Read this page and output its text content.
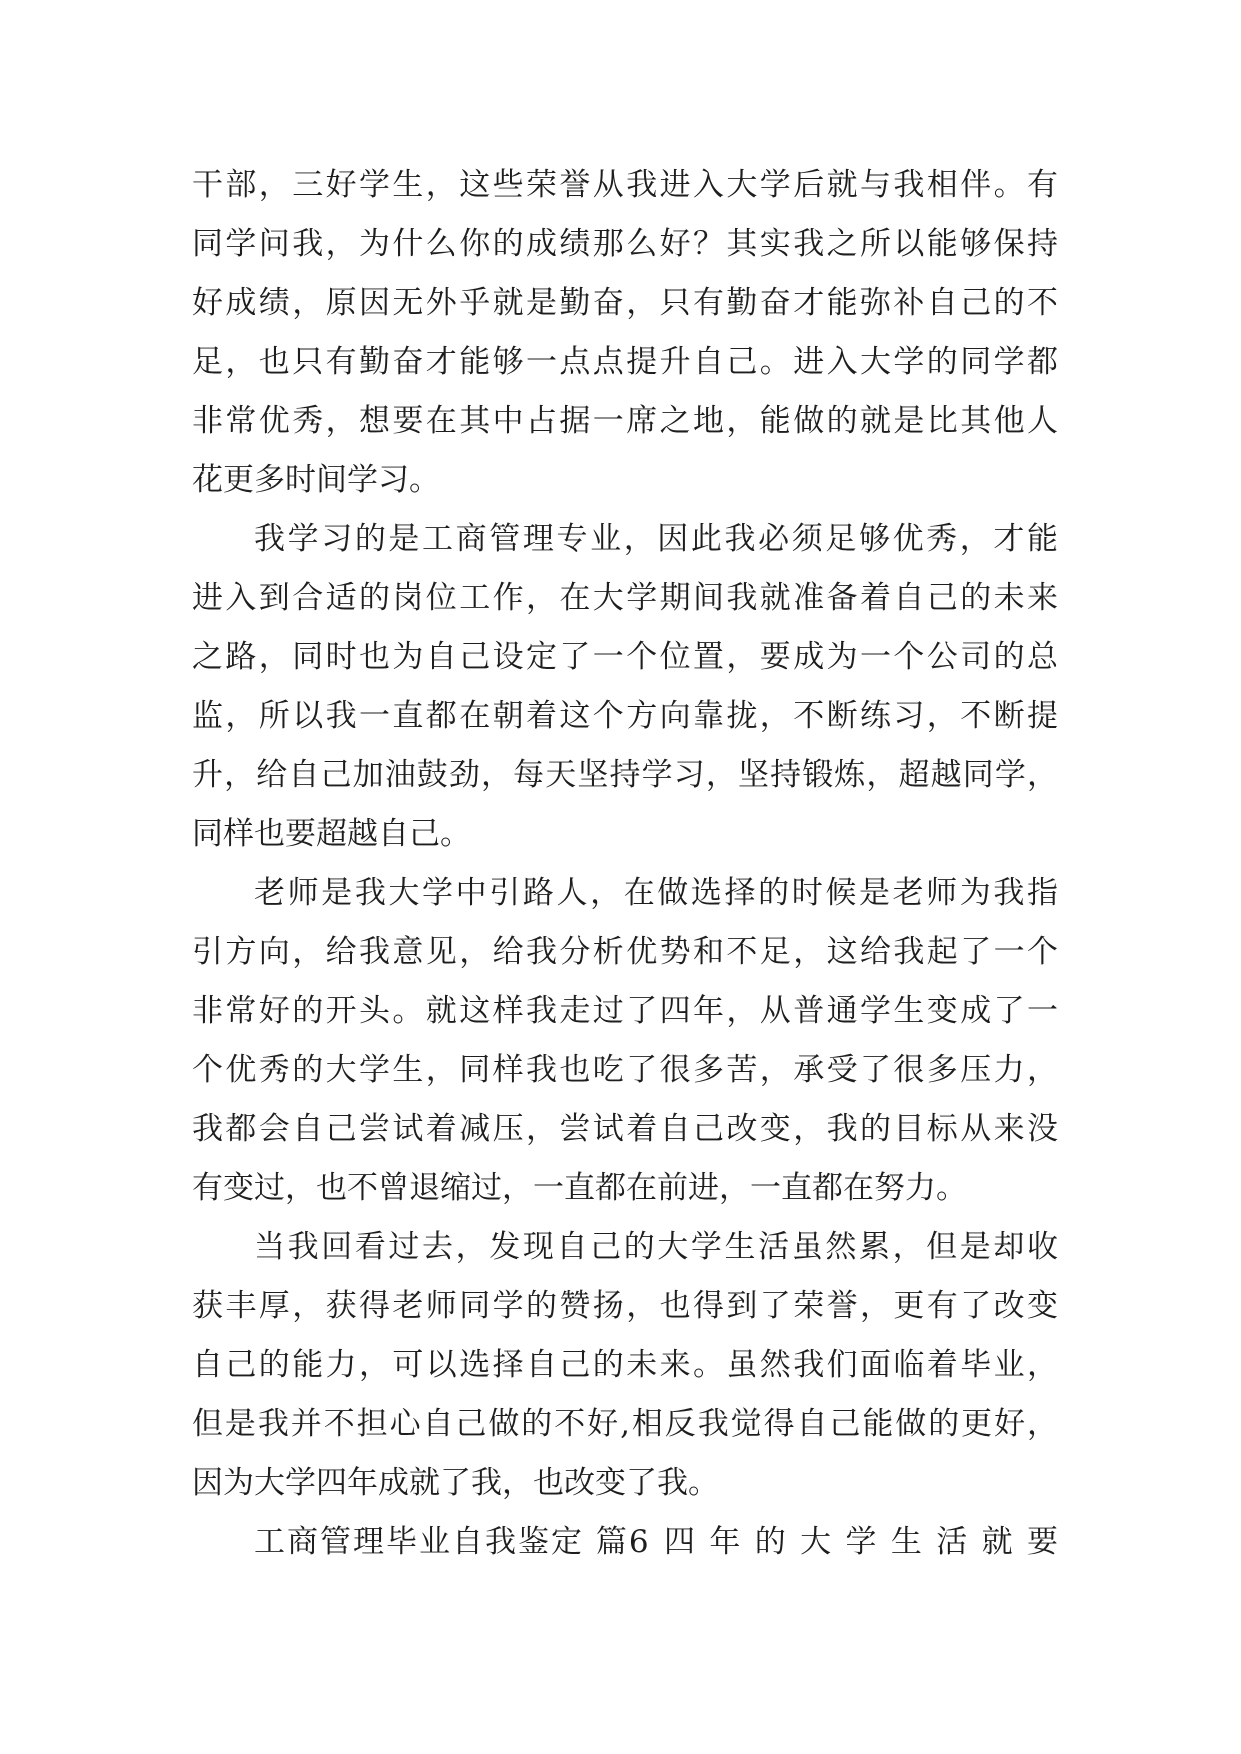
干部，三好学生，这些荣誉从我进入大学后就与我相伴。有
同学问我，为什么你的成绩那么好？其实我之所以能够保持
好成绩，原因无外乎就是勤奋，只有勤奋才能弥补自己的不
足，也只有勤奋才能够一点点提升自己。进入大学的同学都
非常优秀，想要在其中占据一席之地，能做的就是比其他人
花更多时间学习。
我学习的是工商管理专业，因此我必须足够优秀，才能
进入到合适的岗位工作，在大学期间我就准备着自己的未来
之路，同时也为自己设定了一个位置，要成为一个公司的总
监，所以我一直都在朝着这个方向靠拢，不断练习，不断提
升，给自己加油鼓劲，每天坚持学习，坚持锻炼，超越同学，
同样也要超越自己。
老师是我大学中引路人，在做选择的时候是老师为我指
引方向，给我意见，给我分析优势和不足，这给我起了一个
非常好的开头。就这样我走过了四年，从普通学生变成了一
个优秀的大学生，同样我也吃了很多苦，承受了很多压力，
我都会自己尝试着减压，尝试着自己改变，我的目标从来没
有变过，也不曾退缩过，一直都在前进，一直都在努力。
当我回看过去，发现自己的大学生活虽然累，但是却收
获丰厚，获得老师同学的赞扬，也得到了荣誉，更有了改变
自己的能力，可以选择自己的未来。虽然我们面临着毕业，
但是我并不担心自己做的不好,相反我觉得自己能做的更好，
因为大学四年成就了我，也改变了我。
工商管理毕业自我鉴定 篇6 四年的大学生活就要
